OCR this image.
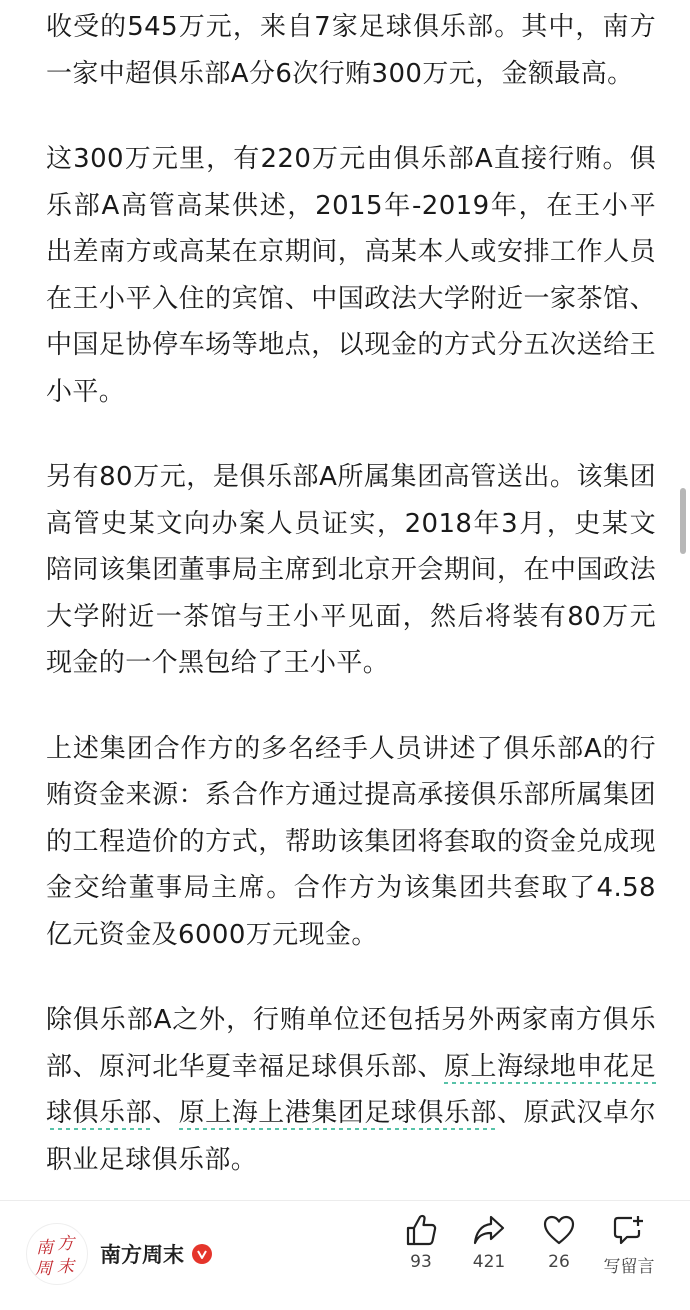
收受的545万元，来自7家足球俱乐部。其中，南方一家中超俱乐部A分6次行贿300万元，金额最高。

这300万元里，有220万元由俱乐部A直接行贿。俱乐部A高管高某供述，2015年-2019年，在王小平出差南方或高某在京期间，高某本人或安排工作人员在王小平入住的宾馆、中国政法大学附近一家茶馆、中国足协停车场等地点，以现金的方式分五次送给王小平。

另有80万元，是俱乐部A所属集团高管送出。该集团高管史某文向办案人员证实，2018年3月，史某文陪同该集团董事局主席到北京开会期间，在中国政法大学附近一茶馆与王小平见面，然后将装有80万元现金的一个黑包给了王小平。

上述集团合作方的多名经手人员讲述了俱乐部A的行贿资金来源：系合作方通过提高承接俱乐部所属集团的工程造价的方式，帮助该集团将套取的资金兑成现金交给董事局主席。合作方为该集团共套取了4.58亿元资金及6000万元现金。

除俱乐部A之外，行贿单位还包括另外两家南方俱乐部、原河北华夏幸福足球俱乐部、原上海绿地申花足球俱乐部、原上海上港集团足球俱乐部、原武汉卓尔职业足球俱乐部。

南 方
周 末 南方周末	93	421	26	写留言
